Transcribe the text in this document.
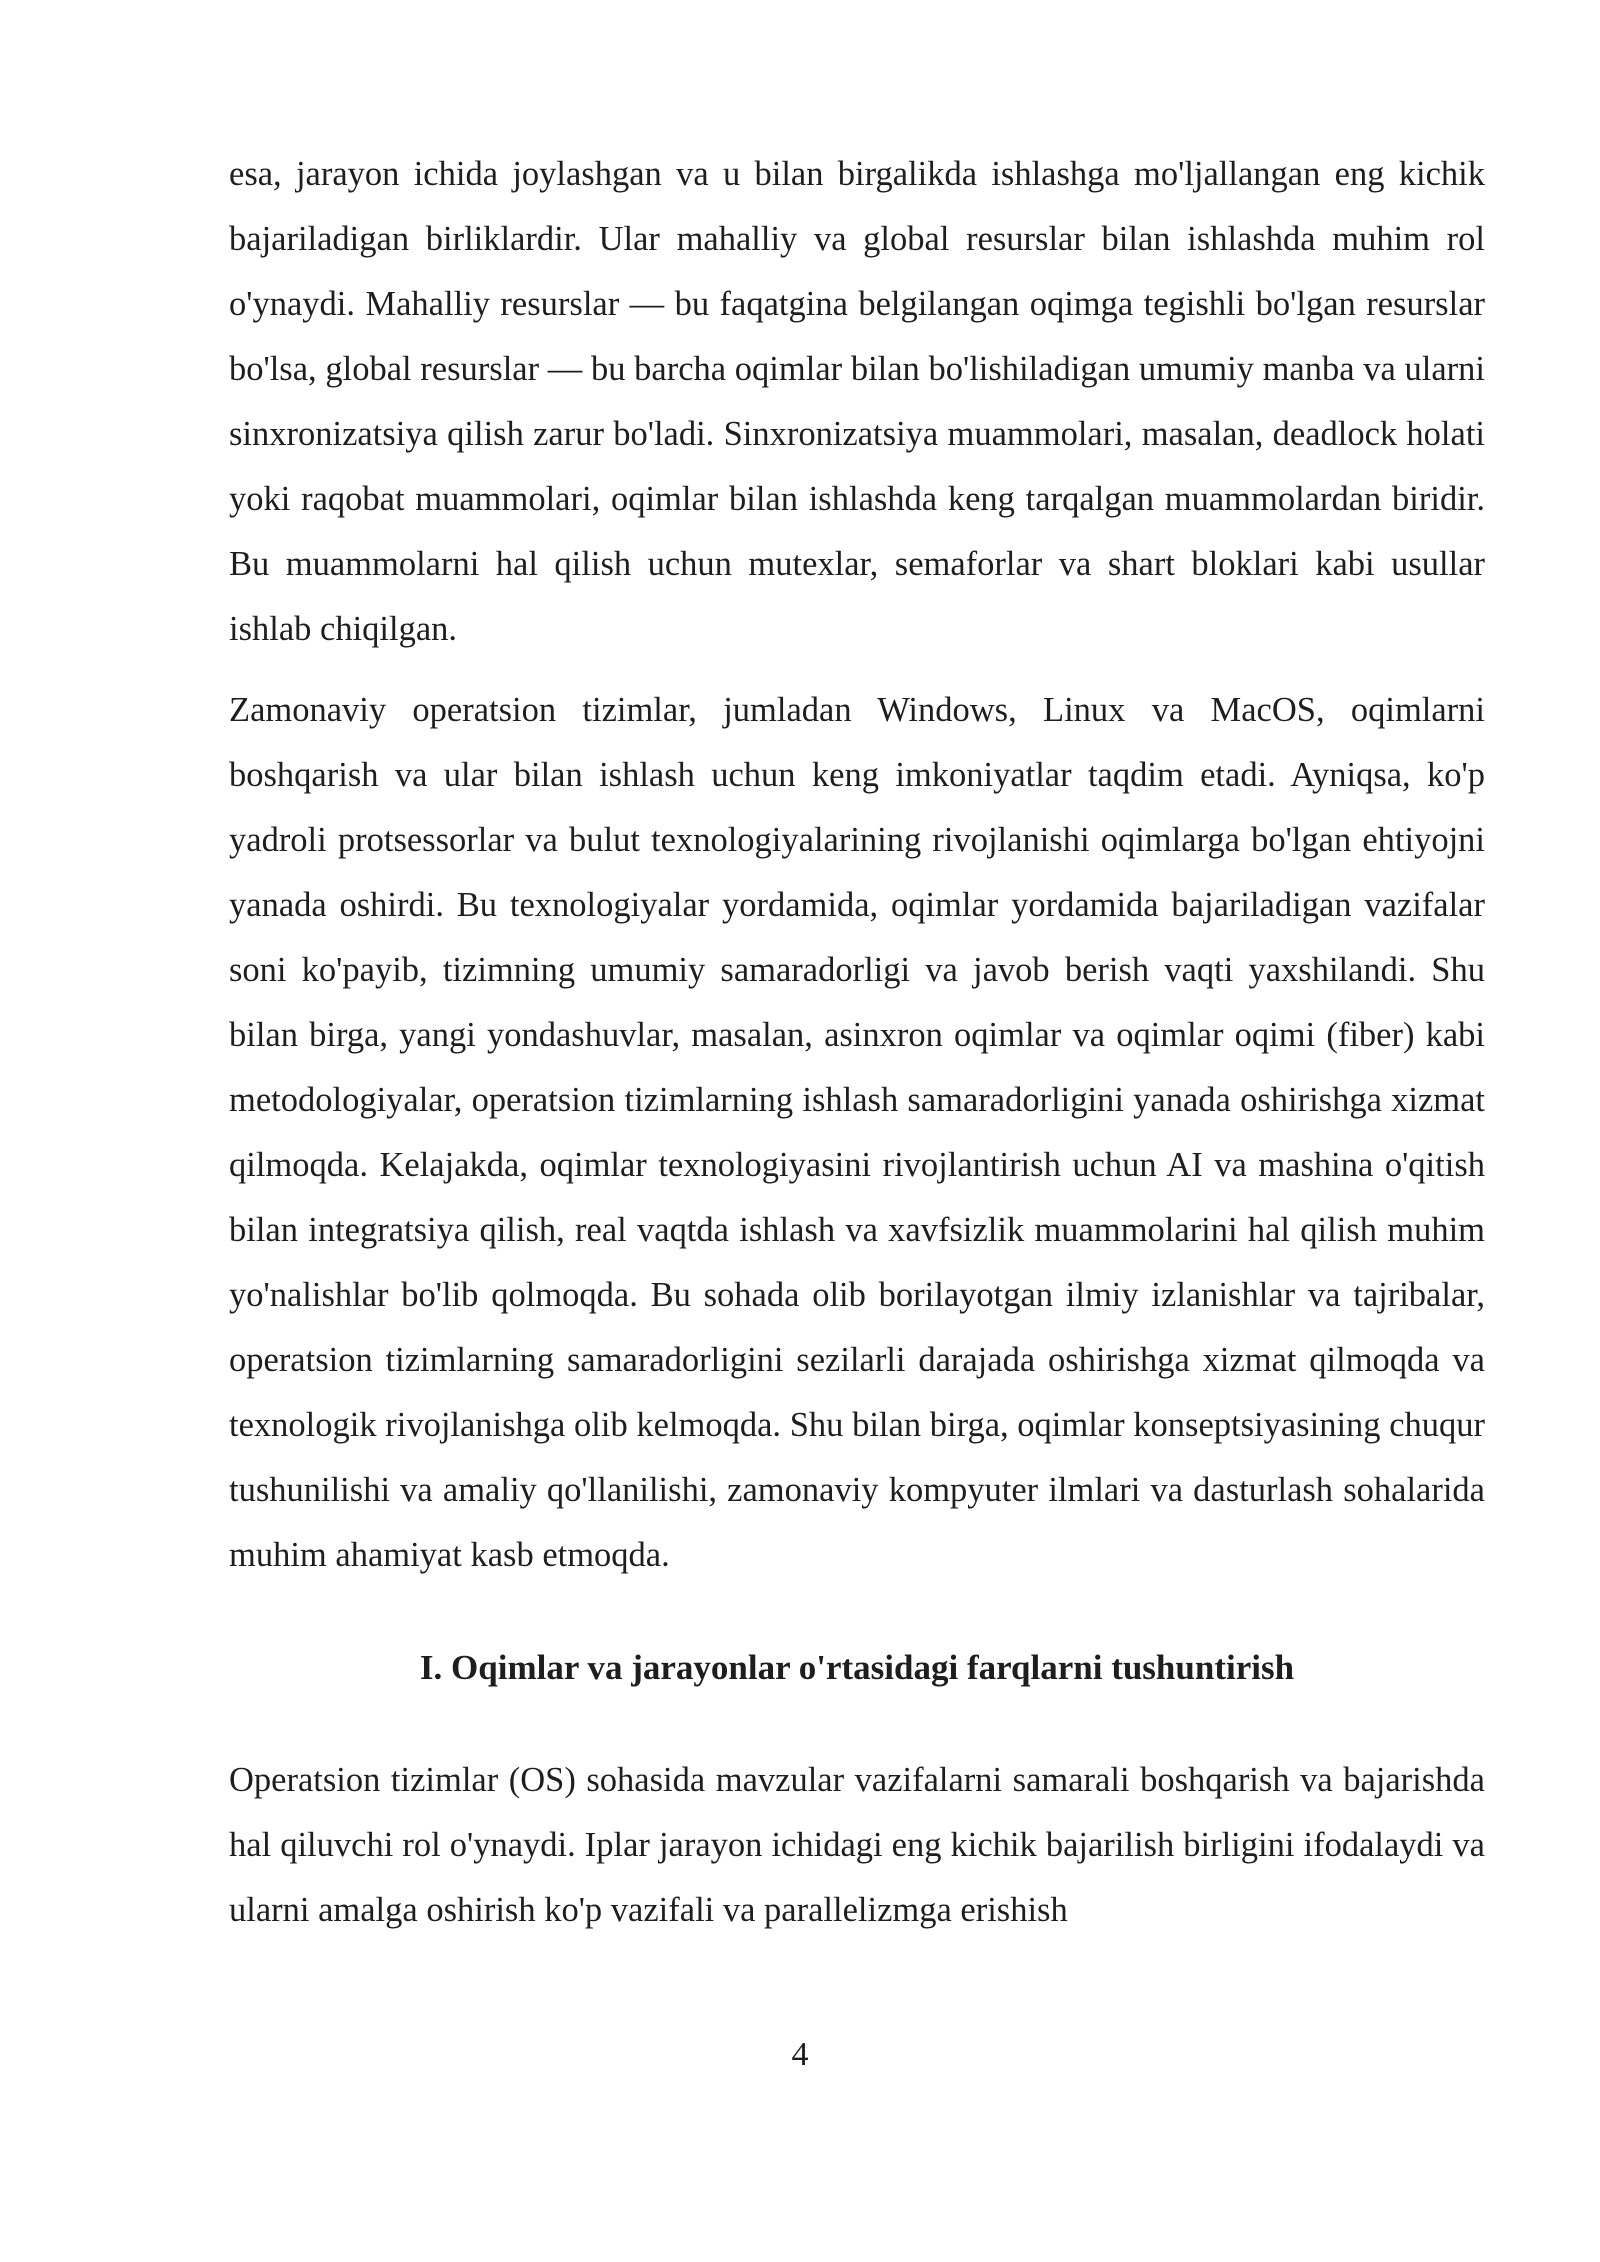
esa, jarayon ichida joylashgan va u bilan birgalikda ishlashga mo'ljallangan eng kichik bajariladigan birliklardir. Ular mahalliy va global resurslar bilan ishlashda muhim rol o'ynaydi. Mahalliy resurslar — bu faqatgina belgilangan oqimga tegishli bo'lgan resurslar bo'lsa, global resurslar — bu barcha oqimlar bilan bo'lishiladigan umumiy manba va ularni sinxronizatsiya qilish zarur bo'ladi. Sinxronizatsiya muammolari, masalan, deadlock holati yoki raqobat muammolari, oqimlar bilan ishlashda keng tarqalgan muammolardan biridir. Bu muammolarni hal qilish uchun mutexlar, semaforlar va shart bloklari kabi usullar ishlab chiqilgan.

Zamonaviy operatsion tizimlar, jumladan Windows, Linux va MacOS, oqimlarni boshqarish va ular bilan ishlash uchun keng imkoniyatlar taqdim etadi. Ayniqsa, ko'p yadroli protsessorlar va bulut texnologiyalarining rivojlanishi oqimlarga bo'lgan ehtiyojni yanada oshirdi. Bu texnologiyalar yordamida, oqimlar yordamida bajariladigan vazifalar soni ko'payib, tizimning umumiy samaradorligi va javob berish vaqti yaxshilandi. Shu bilan birga, yangi yondashuvlar, masalan, asinxron oqimlar va oqimlar oqimi (fiber) kabi metodologiyalar, operatsion tizimlarning ishlash samaradorligini yanada oshirishga xizmat qilmoqda. Kelajakda, oqimlar texnologiyasini rivojlantirish uchun AI va mashina o'qitish bilan integratsiya qilish, real vaqtda ishlash va xavfsizlik muammolarini hal qilish muhim yo'nalishlar bo'lib qolmoqda. Bu sohada olib borilayotgan ilmiy izlanishlar va tajribalar, operatsion tizimlarning samaradorligini sezilarli darajada oshirishga xizmat qilmoqda va texnologik rivojlanishga olib kelmoqda. Shu bilan birga, oqimlar konseptsiyasining chuqur tushunilishi va amaliy qo'llanilishi, zamonaviy kompyuter ilmlari va dasturlash sohalarida muhim ahamiyat kasb etmoqda.

I. Oqimlar va jarayonlar o'rtasidagi farqlarni tushuntirish

Operatsion tizimlar (OS) sohasida mavzular vazifalarni samarali boshqarish va bajarishda hal qiluvchi rol o'ynaydi. Iplar jarayon ichidagi eng kichik bajarilish birligini ifodalaydi va ularni amalga oshirish ko'p vazifali va parallelizmga erishish

4
